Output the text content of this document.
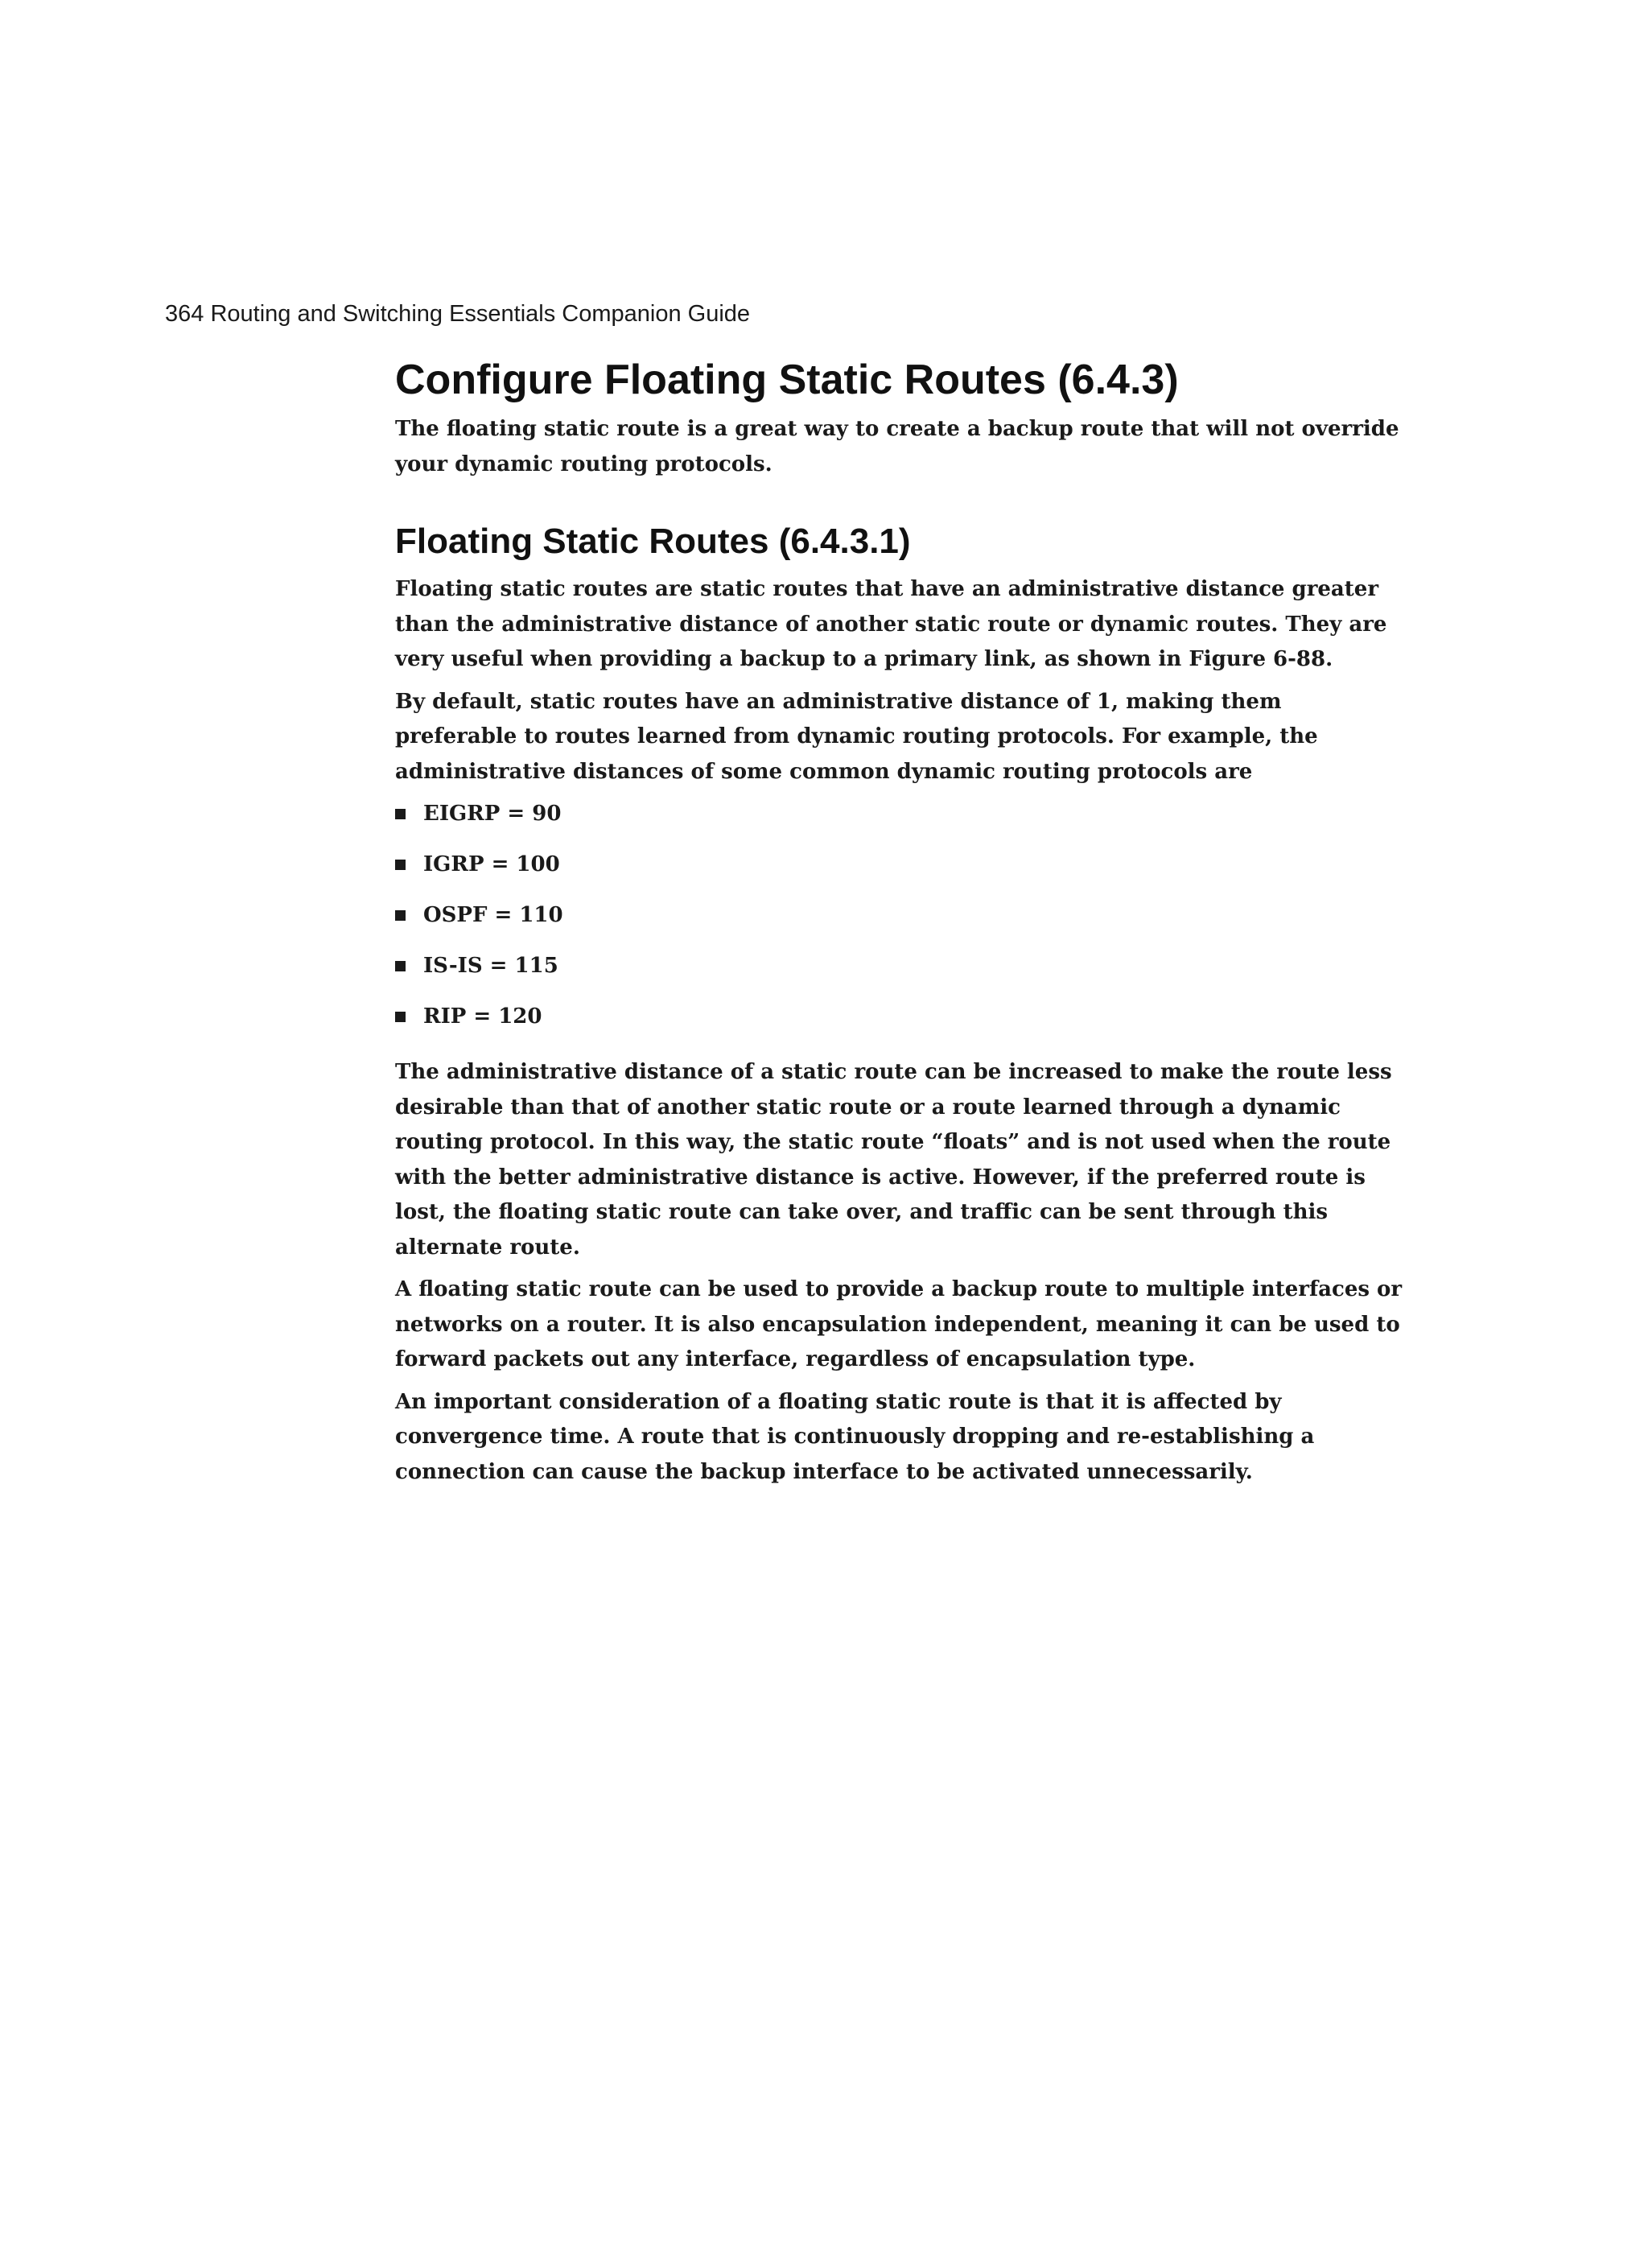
364 Routing and Switching Essentials Companion Guide
Configure Floating Static Routes (6.4.3)

The floating static route is a great way to create a backup route that will not override your dynamic routing protocols.

Floating Static Routes (6.4.3.1)

Floating static routes are static routes that have an administrative distance greater than the administrative distance of another static route or dynamic routes. They are very useful when providing a backup to a primary link, as shown in Figure 6-88.

By default, static routes have an administrative distance of 1, making them preferable to routes learned from dynamic routing protocols. For example, the administrative distances of some common dynamic routing protocols are

EIGRP = 90
IGRP = 100
OSPF = 110
IS-IS = 115
RIP = 120

The administrative distance of a static route can be increased to make the route less desirable than that of another static route or a route learned through a dynamic routing protocol. In this way, the static route “floats” and is not used when the route with the better administrative distance is active. However, if the preferred route is lost, the floating static route can take over, and traffic can be sent through this alternate route.

A floating static route can be used to provide a backup route to multiple interfaces or networks on a router. It is also encapsulation independent, meaning it can be used to forward packets out any interface, regardless of encapsulation type.

An important consideration of a floating static route is that it is affected by convergence time. A route that is continuously dropping and re-establishing a connection can cause the backup interface to be activated unnecessarily.
